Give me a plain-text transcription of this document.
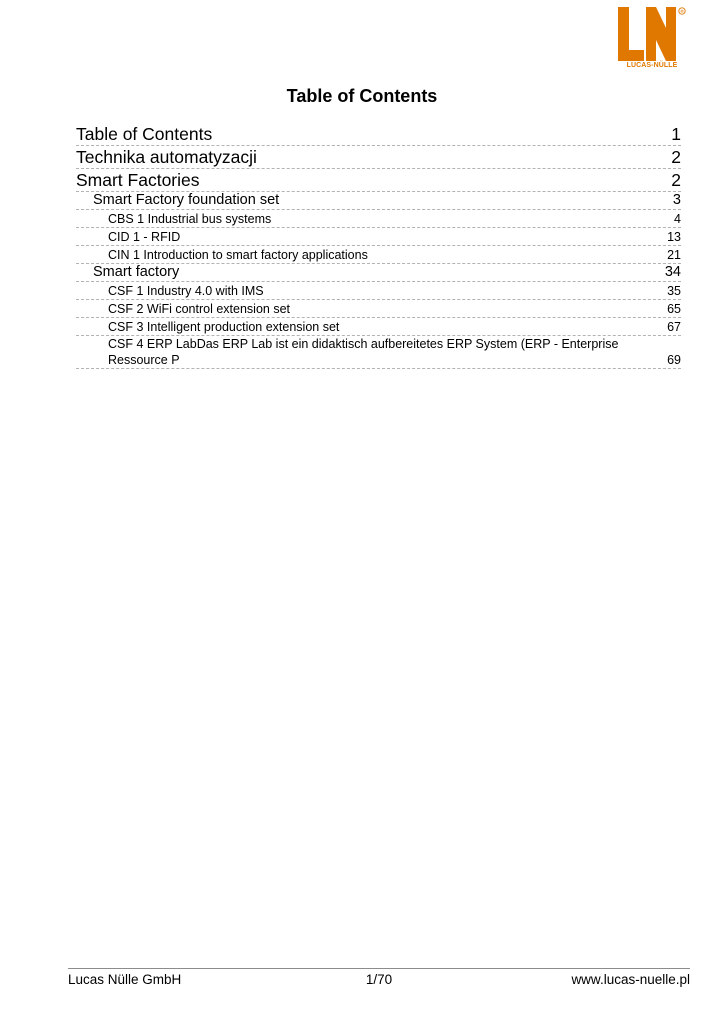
®
LUCAS-NÜLLE
Table of Contents
Table of Contents	1
Technika automatyzacji	2
Smart Factories	2
Smart Factory foundation set	3
CBS 1 Industrial bus systems	4
CID 1 - RFID	13
CIN 1 Introduction to smart factory applications	21
Smart factory	34
CSF 1 Industry 4.0 with IMS	35
CSF 2 WiFi control extension set	65
CSF 3 Intelligent production extension set	67
CSF 4 ERP LabDas ERP Lab ist ein didaktisch aufbereitetes ERP System (ERP - Enterprise Ressource P	69
Lucas Nülle GmbH	1/70	www.lucas-nuelle.pl
